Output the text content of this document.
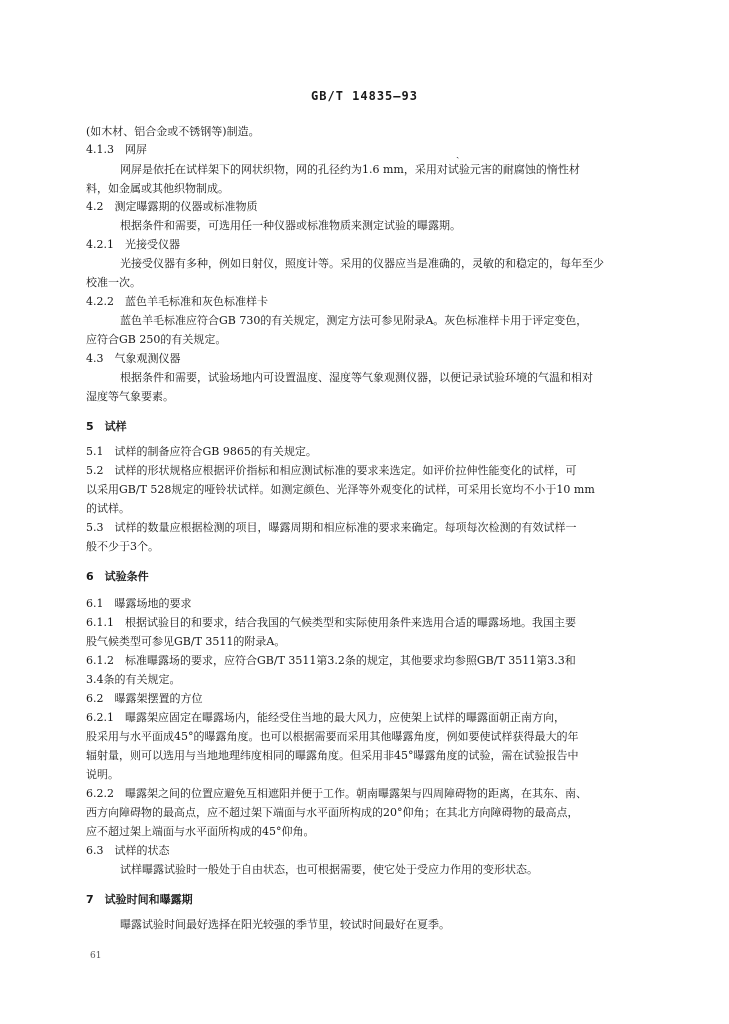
GB/T 14835—93
ˎ
(如木材、铝合金或不锈钢等)制造。
4.1.3　网屏
网屏是依托在试样架下的网状织物，网的孔径约为1.6 mm，采用对试验元害的耐腐蚀的惰性材
料，如金属或其他织物制成。
4.2　测定曝露期的仪器或标准物质
根据条件和需要，可选用任一种仪器或标准物质来测定试验的曝露期。
4.2.1　光接受仪器
光接受仪器有多种，例如日射仪，照度计等。采用的仪器应当是准确的，灵敏的和稳定的，每年至少
校准一次。
4.2.2　蓝色羊毛标准和灰色标准样卡
蓝色羊毛标准应符合GB 730的有关规定，测定方法可参见附录A。灰色标准样卡用于评定变色，
应符合GB 250的有关规定。
4.3　气象观测仪器
根据条件和需要，试验场地内可设置温度、湿度等气象观测仪器，以便记录试验环境的气温和相对
湿度等气象要素。
5　试样
5.1　试样的制备应符合GB 9865的有关规定。
5.2　试样的形状规格应根据评价指标和相应测试标准的要求来选定。如评价拉伸性能变化的试样，可
以采用GB/T 528规定的哑铃状试样。如测定颜色、光泽等外观变化的试样，可采用长宽均不小于10 mm
的试样。
5.3　试样的数量应根据检测的项目，曝露周期和相应标准的要求来确定。每项每次检测的有效试样一
般不少于3个。
6　试验条件
6.1　曝露场地的要求
6.1.1　根据试验目的和要求，结合我国的气候类型和实际使用条件来选用合适的曝露场地。我国主要
股气候类型可参见GB/T 3511的附录A。
6.1.2　标准曝露场的要求，应符合GB/T 3511第3.2条的规定，其他要求均参照GB/T 3511第3.3和
3.4条的有关规定。
6.2　曝露架摆置的方位
6.2.1　曝露架应固定在曝露场内，能经受住当地的最大风力，应使架上试样的曝露面朝正南方向，
股采用与水平面成45°的曝露角度。也可以根据需要而采用其他曝露角度，例如要使试样获得最大的年
辐射量，则可以选用与当地地理纬度相同的曝露角度。但采用非45°曝露角度的试验，需在试验报告中
说明。
6.2.2　曝露架之间的位置应避免互相遮阳并便于工作。朝南曝露架与四周障碍物的距离，在其东、南、
西方向障碍物的最高点，应不超过架下端面与水平面所构成的20°仰角；在其北方向障碍物的最高点，
应不超过架上端面与水平面所构成的45°仰角。
6.3　试样的状态
试样曝露试验时一般处于自由状态，也可根据需要，使它处于受应力作用的变形状态。
7　试验时间和曝露期
曝露试验时间最好选择在阳光较强的季节里，较试时间最好在夏季。
61
